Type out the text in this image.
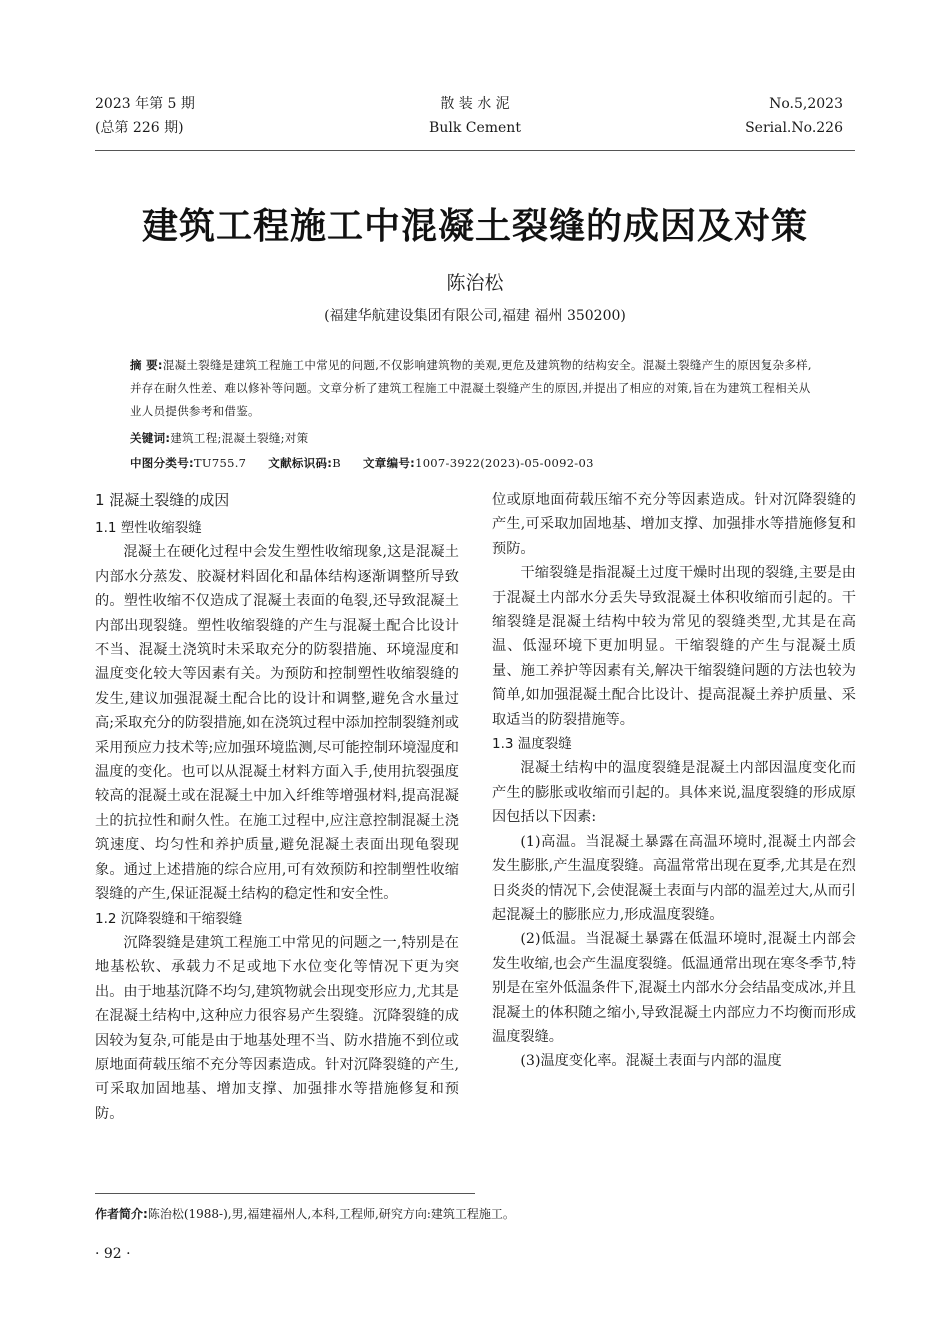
2023 年第 5 期
(总第 226 期)
散 装 水 泥
Bulk Cement
No.5,2023
Serial.No.226
建筑工程施工中混凝土裂缝的成因及对策
陈治松
(福建华航建设集团有限公司,福建 福州 350200)
摘 要:混凝土裂缝是建筑工程施工中常见的问题,不仅影响建筑物的美观,更危及建筑物的结构安全。混凝土裂缝产生的原因复杂多样,并存在耐久性差、难以修补等问题。文章分析了建筑工程施工中混凝土裂缝产生的原因,并提出了相应的对策,旨在为建筑工程相关从业人员提供参考和借鉴。
关键词:建筑工程;混凝土裂缝;对策
中图分类号:TU755.7 文献标识码:B 文章编号:1007-3922(2023)-05-0092-03
1 混凝土裂缝的成因
1.1 塑性收缩裂缝

混凝土在硬化过程中会发生塑性收缩现象,这是混凝土内部水分蒸发、胶凝材料固化和晶体结构逐渐调整所导致的。塑性收缩不仅造成了混凝土表面的龟裂,还导致混凝土内部出现裂缝。塑性收缩裂缝的产生与混凝土配合比设计不当、混凝土浇筑时未采取充分的防裂措施、环境湿度和温度变化较大等因素有关。为预防和控制塑性收缩裂缝的发生,建议加强混凝土配合比的设计和调整,避免含水量过高;采取充分的防裂措施,如在浇筑过程中添加控制裂缝剂或采用预应力技术等;应加强环境监测,尽可能控制环境湿度和温度的变化。也可以从混凝土材料方面入手,使用抗裂强度较高的混凝土或在混凝土中加入纤维等增强材料,提高混凝土的抗拉性和耐久性。在施工过程中,应注意控制混凝土浇筑速度、均匀性和养护质量,避免混凝土表面出现龟裂现象。通过上述措施的综合应用,可有效预防和控制塑性收缩裂缝的产生,保证混凝土结构的稳定性和安全性。

1.2 沉降裂缝和干缩裂缝

沉降裂缝是建筑工程施工中常见的问题之一,特别是在地基松软、承载力不足或地下水位变化等情况下更为突出。由于地基沉降不均匀,建筑物就会出现变形应力,尤其是在混凝土结构中,这种应力很容易产生裂缝。沉降裂缝的成因较为复杂,可能是由于地基处理不当、防水措施不到位或原地面荷载压缩不充分等因素造成。针对沉降裂缝的产生,可采取加固地基、增加支撑、加强排水等措施修复和预防。

位或原地面荷载压缩不充分等因素造成。针对沉降裂缝的产生,可采取加固地基、增加支撑、加强排水等措施修复和预防。

干缩裂缝是指混凝土过度干燥时出现的裂缝,主要是由于混凝土内部水分丢失导致混凝土体积收缩而引起的。干缩裂缝是混凝土结构中较为常见的裂缝类型,尤其是在高温、低湿环境下更加明显。干缩裂缝的产生与混凝土质量、施工养护等因素有关,解决干缩裂缝问题的方法也较为简单,如加强混凝土配合比设计、提高混凝土养护质量、采取适当的防裂措施等。

1.3 温度裂缝

混凝土结构中的温度裂缝是混凝土内部因温度变化而产生的膨胀或收缩而引起的。具体来说,温度裂缝的形成原因包括以下因素:

(1)高温。当混凝土暴露在高温环境时,混凝土内部会发生膨胀,产生温度裂缝。高温常常出现在夏季,尤其是在烈日炎炎的情况下,会使混凝土表面与内部的温差过大,从而引起混凝土的膨胀应力,形成温度裂缝。

(2)低温。当混凝土暴露在低温环境时,混凝土内部会发生收缩,也会产生温度裂缝。低温通常出现在寒冬季节,特别是在室外低温条件下,混凝土内部水分会结晶变成冰,并且混凝土的体积随之缩小,导致混凝土内部应力不均衡而形成温度裂缝。

(3)温度变化率。混凝土表面与内部的温度

作者简介:陈治松(1988-),男,福建福州人,本科,工程师,研究方向:建筑工程施工。
· 92 ·
